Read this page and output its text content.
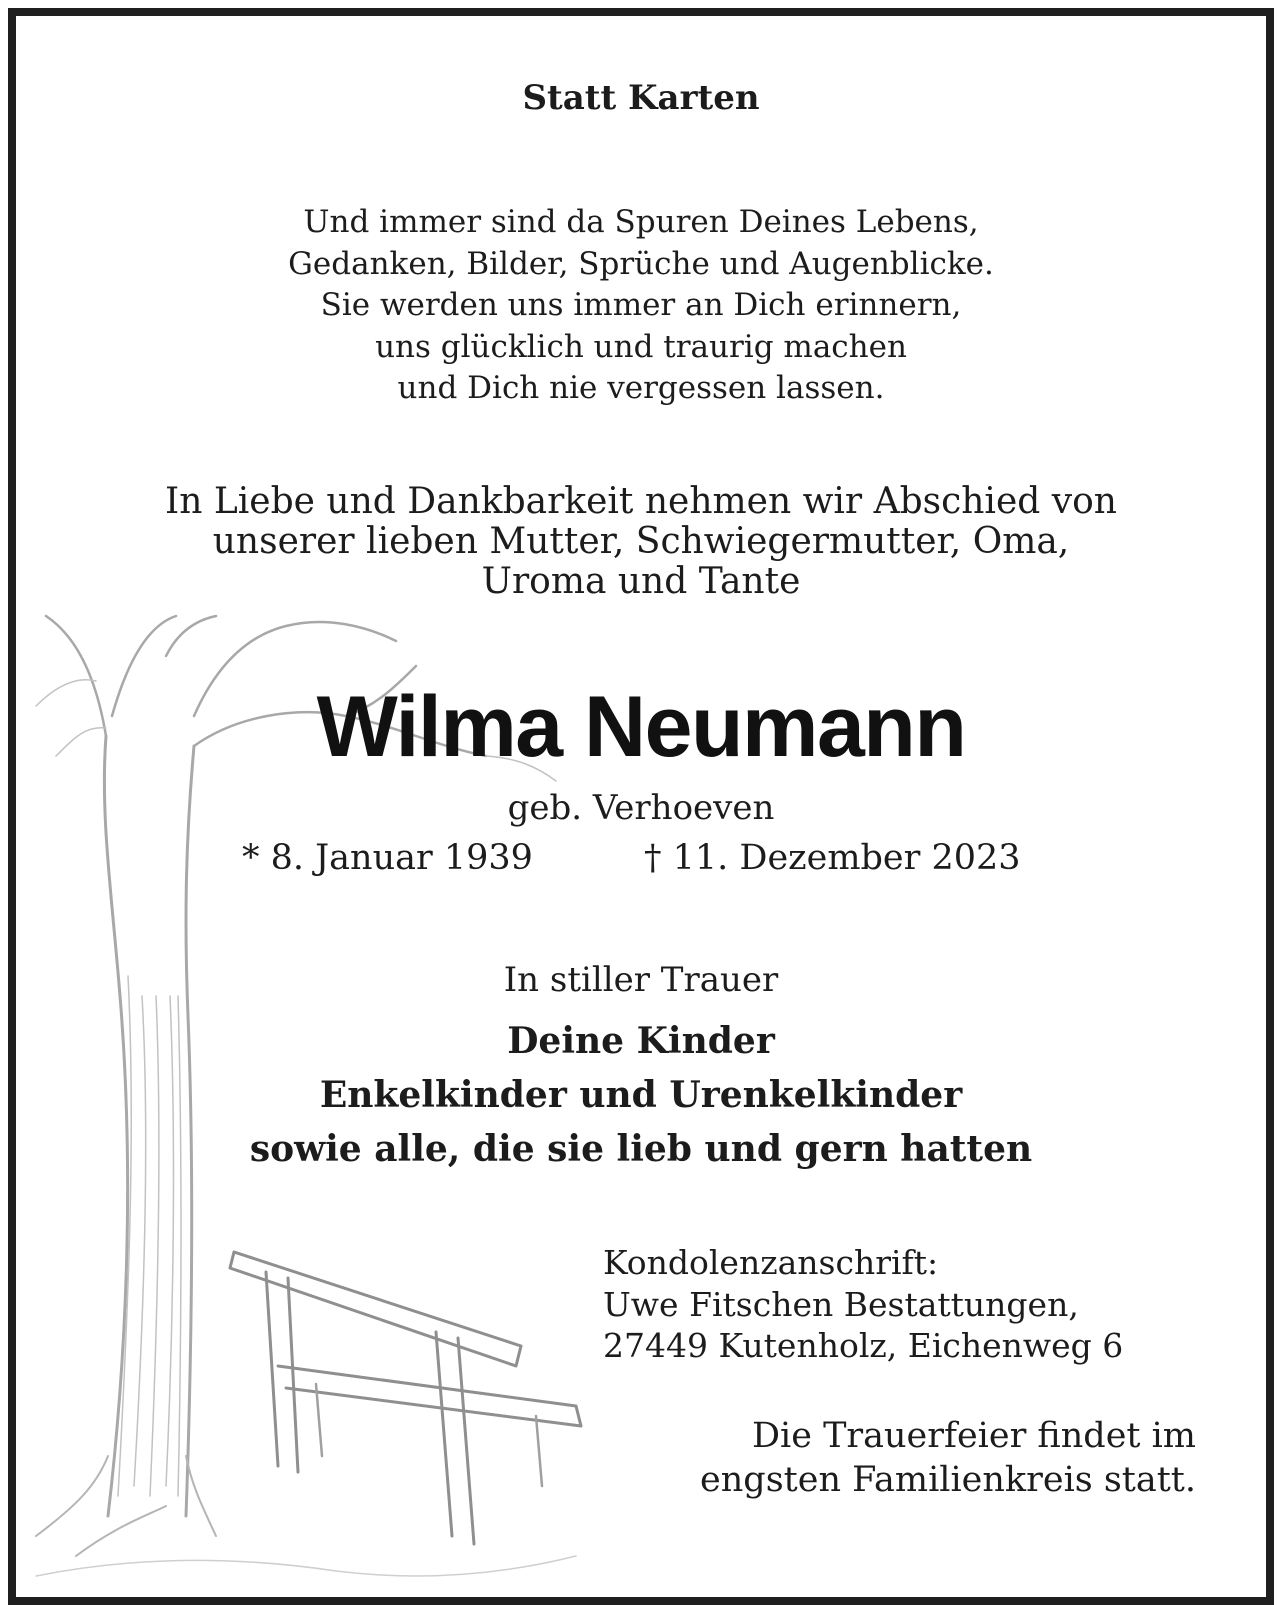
Statt Karten
Und immer sind da Spuren Deines Lebens,
Gedanken, Bilder, Sprüche und Augenblicke.
Sie werden uns immer an Dich erinnern,
uns glücklich und traurig machen
und Dich nie vergessen lassen.
In Liebe und Dankbarkeit nehmen wir Abschied von
unserer lieben Mutter, Schwiegermutter, Oma,
Uroma und Tante
Wilma Neumann
geb. Verhoeven
* 8. Januar 1939	† 11. Dezember 2023
In stiller Trauer
Deine Kinder
Enkelkinder und Urenkelkinder
sowie alle, die sie lieb und gern hatten
Kondolenzanschrift:
Uwe Fitschen Bestattungen,
27449 Kutenholz, Eichenweg 6
Die Trauerfeier findet im
engsten Familienkreis statt.
